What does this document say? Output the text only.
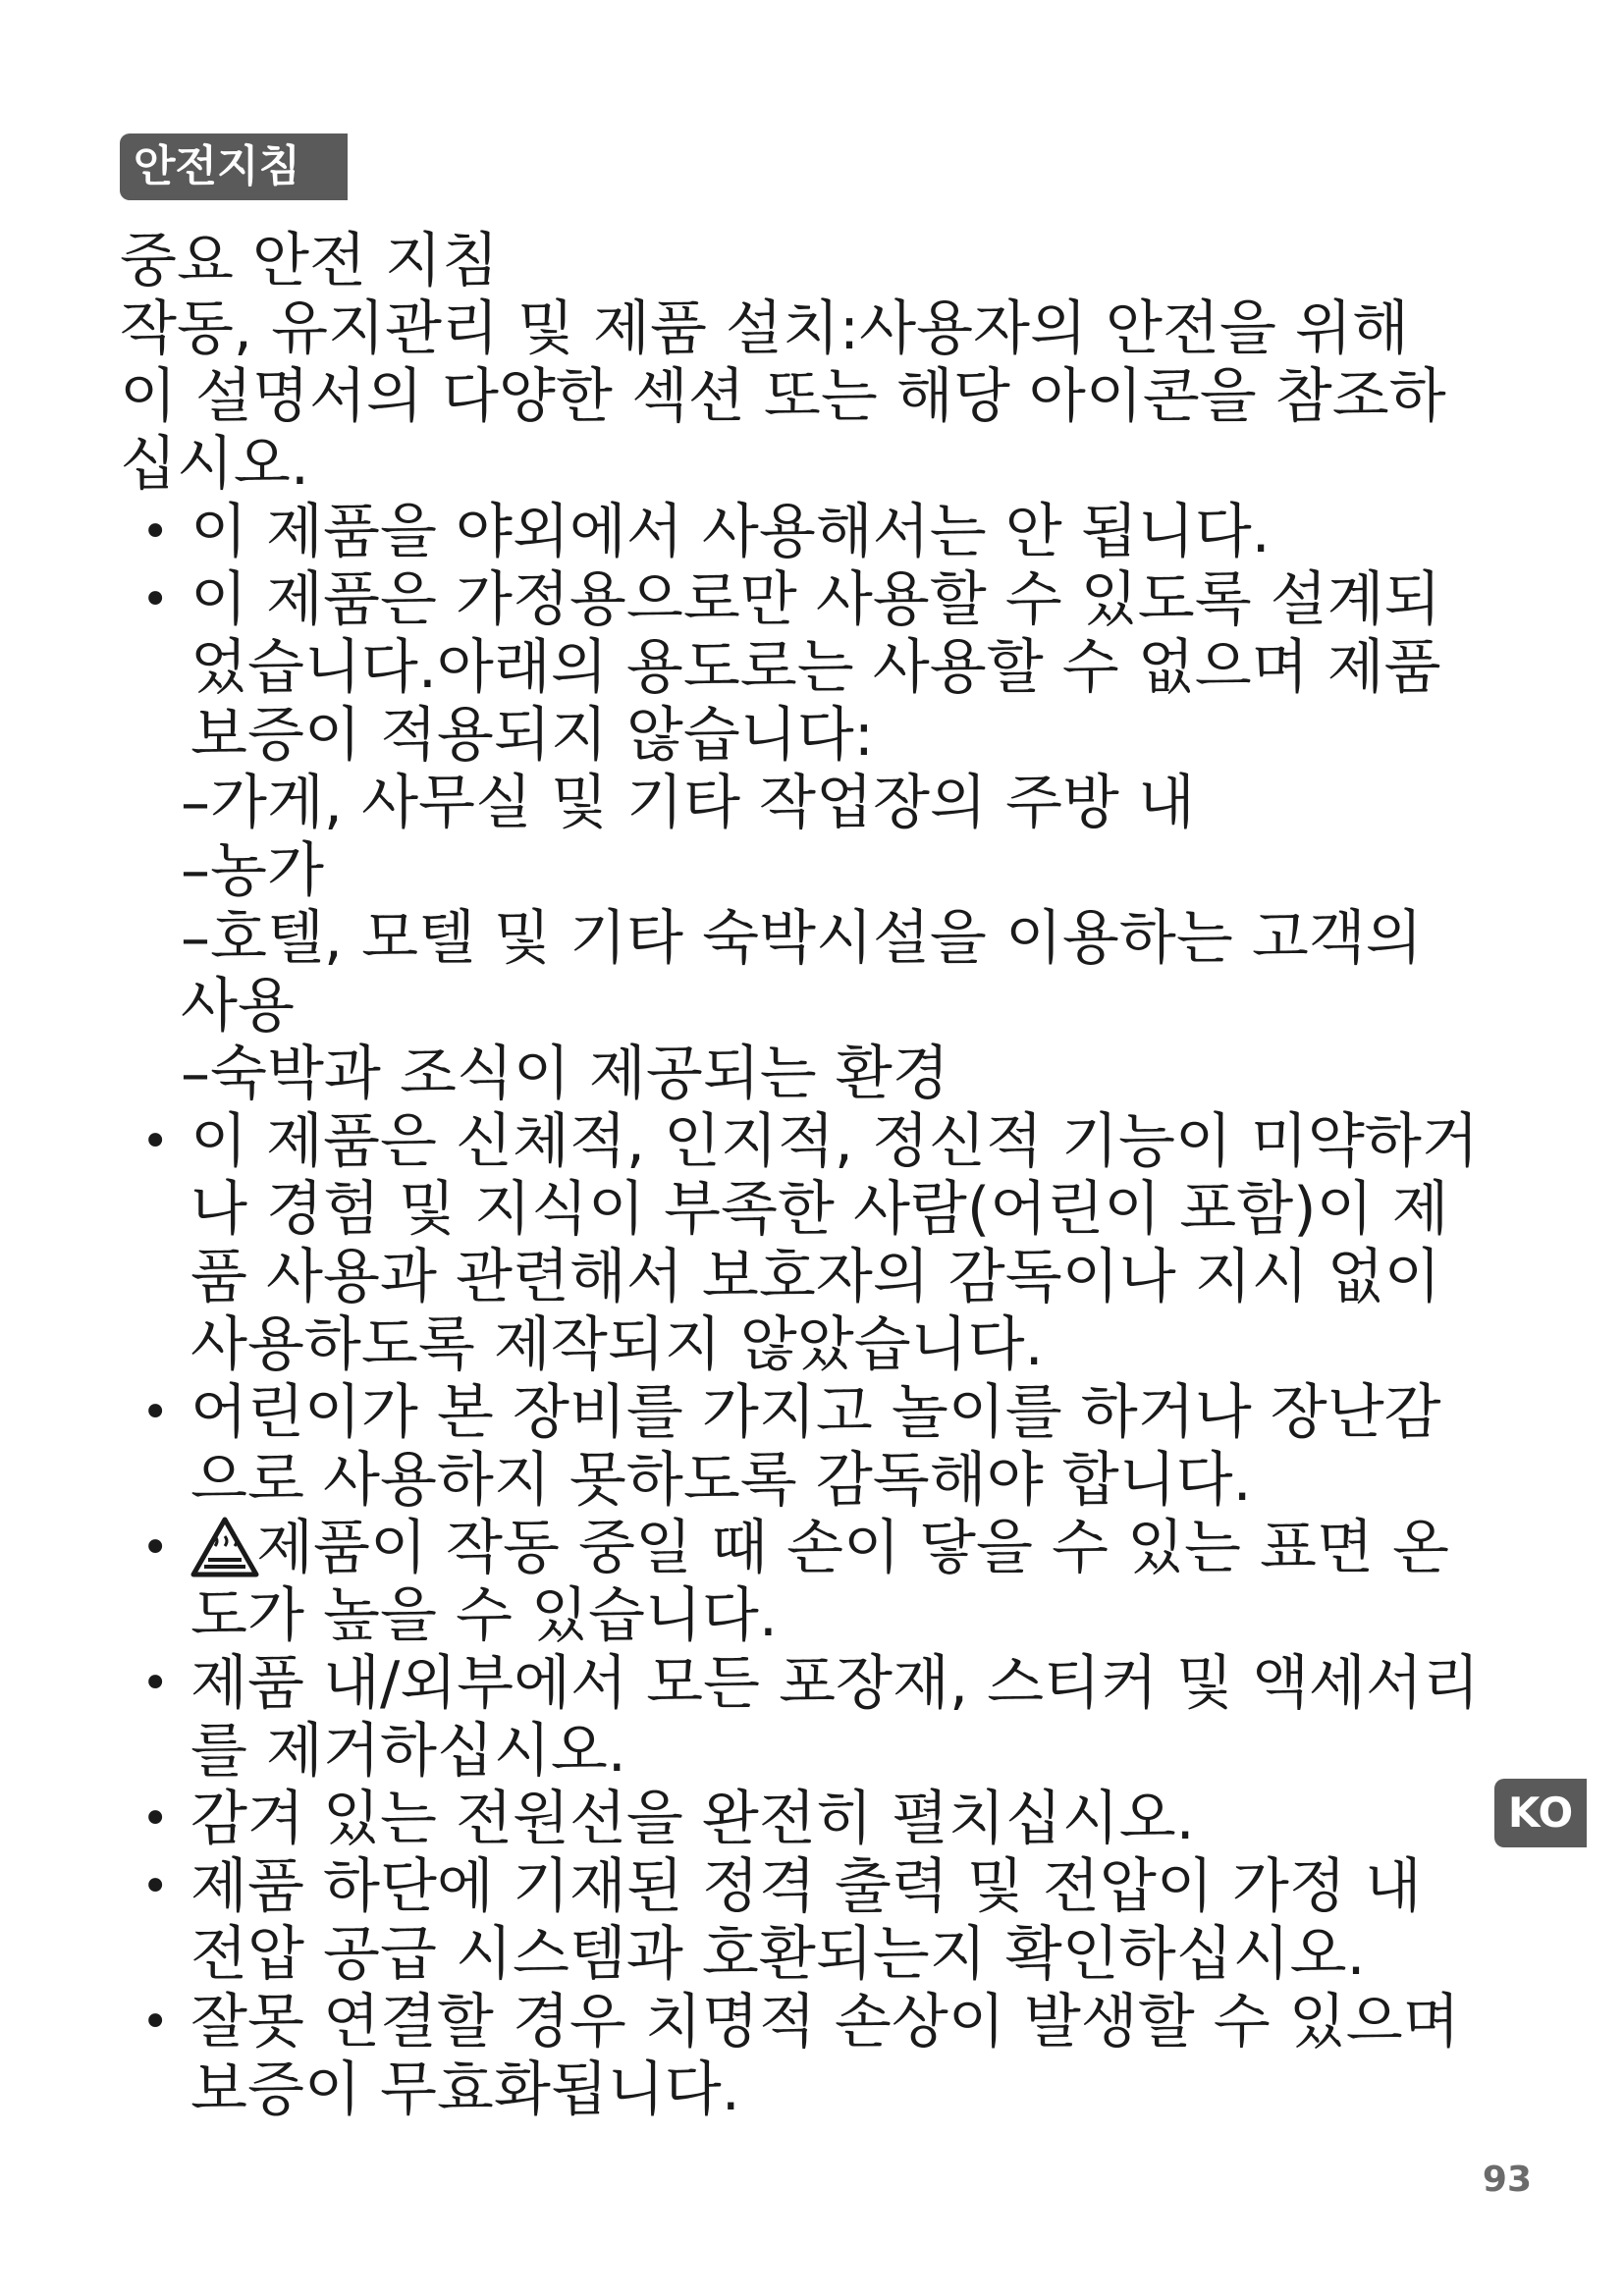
안전지침

중요 안전 지침

작동, 유지관리 및 제품 설치:사용자의 안전을 위해 이 설명서의 다양한 섹션 또는 해당 아이콘을 참조하십시오.

• 이 제품을 야외에서 사용해서는 안 됩니다.
• 이 제품은 가정용으로만 사용할 수 있도록 설계되었습니다.아래의 용도로는 사용할 수 없으며 제품 보증이 적용되지 않습니다:
–가게, 사무실 및 기타 작업장의 주방 내
–농가
–호텔, 모텔 및 기타 숙박시설을 이용하는 고객의 사용
–숙박과 조식이 제공되는 환경
• 이 제품은 신체적, 인지적, 정신적 기능이 미약하거나 경험 및 지식이 부족한 사람(어린이 포함)이 제품 사용과 관련해서 보호자의 감독이나 지시 없이 사용하도록 제작되지 않았습니다.
• 어린이가 본 장비를 가지고 놀이를 하거나 장난감으로 사용하지 못하도록 감독해야 합니다.
• 제품이 작동 중일 때 손이 닿을 수 있는 표면 온도가 높을 수 있습니다.
• 제품 내/외부에서 모든 포장재, 스티커 및 액세서리를 제거하십시오.
• 감겨 있는 전원선을 완전히 펼치십시오.
• 제품 하단에 기재된 정격 출력 및 전압이 가정 내 전압 공급 시스템과 호환되는지 확인하십시오.
• 잘못 연결할 경우 치명적 손상이 발생할 수 있으며 보증이 무효화됩니다.
KO
93
